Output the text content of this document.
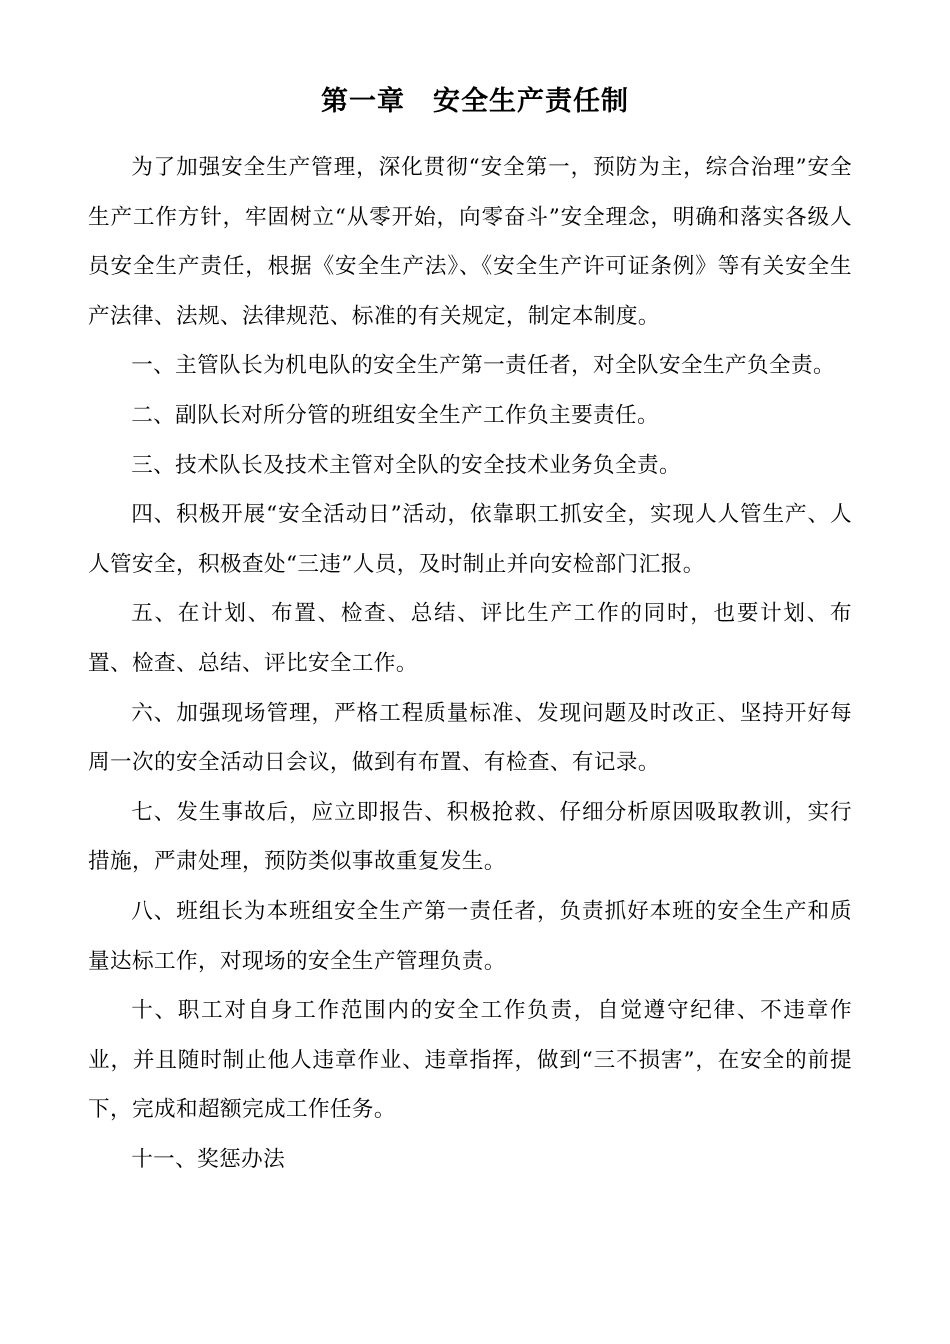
第一章　安全生产责任制

为了加强安全生产管理，深化贯彻“安全第一，预防为主，综合治理”安全生产工作方针，牢固树立“从零开始，向零奋斗”安全理念，明确和落实各级人员安全生产责任，根据《安全生产法》、《安全生产许可证条例》等有关安全生产法律、法规、法律规范、标准的有关规定，制定本制度。

一、主管队长为机电队的安全生产第一责任者，对全队安全生产负全责。

二、副队长对所分管的班组安全生产工作负主要责任。

三、技术队长及技术主管对全队的安全技术业务负全责。

四、积极开展“安全活动日”活动，依靠职工抓安全，实现人人管生产、人人管安全，积极查处“三违”人员，及时制止并向安检部门汇报。

五、在计划、布置、检查、总结、评比生产工作的同时，也要计划、布置、检查、总结、评比安全工作。

六、加强现场管理，严格工程质量标准、发现问题及时改正、坚持开好每周一次的安全活动日会议，做到有布置、有检查、有记录。

七、发生事故后，应立即报告、积极抢救、仔细分析原因吸取教训，实行措施，严肃处理，预防类似事故重复发生。

八、班组长为本班组安全生产第一责任者，负责抓好本班的安全生产和质量达标工作，对现场的安全生产管理负责。

十、职工对自身工作范围内的安全工作负责，自觉遵守纪律、不违章作业，并且随时制止他人违章作业、违章指挥，做到“三不损害”，在安全的前提下，完成和超额完成工作任务。

十一、奖惩办法
